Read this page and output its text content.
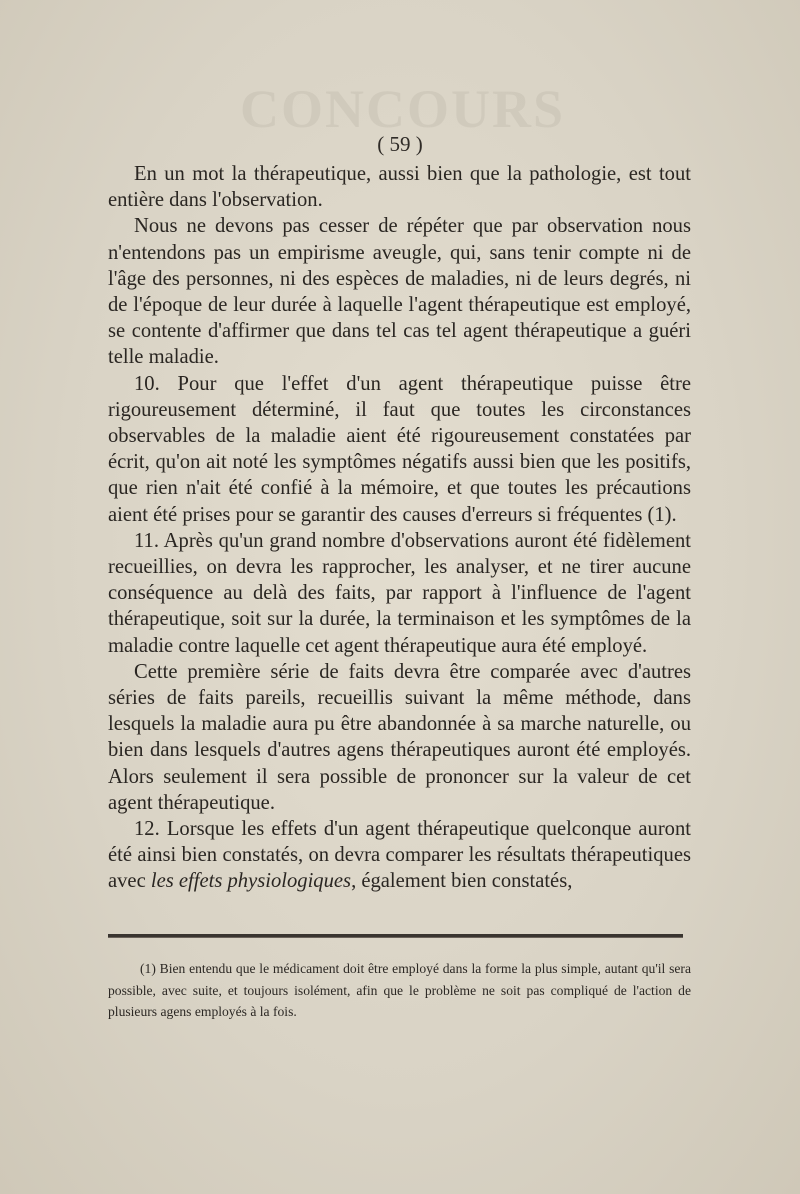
CONCOURS
( 59 )

En un mot la thérapeutique, aussi bien que la pathologie, est tout entière dans l'observation.

Nous ne devons pas cesser de répéter que par observation nous n'entendons pas un empirisme aveugle, qui, sans tenir compte ni de l'âge des personnes, ni des espèces de maladies, ni de leurs degrés, ni de l'époque de leur durée à laquelle l'agent thérapeutique est employé, se contente d'affirmer que dans tel cas tel agent thérapeutique a guéri telle maladie.

10. Pour que l'effet d'un agent thérapeutique puisse être rigoureusement déterminé, il faut que toutes les circonstances observables de la maladie aient été rigoureusement constatées par écrit, qu'on ait noté les symptômes négatifs aussi bien que les positifs, que rien n'ait été confié à la mémoire, et que toutes les précautions aient été prises pour se garantir des causes d'erreurs si fréquentes (1).

11. Après qu'un grand nombre d'observations auront été fidèlement recueillies, on devra les rapprocher, les analyser, et ne tirer aucune conséquence au delà des faits, par rapport à l'influence de l'agent thérapeutique, soit sur la durée, la terminaison et les symptômes de la maladie contre laquelle cet agent thérapeutique aura été employé.

Cette première série de faits devra être comparée avec d'autres séries de faits pareils, recueillis suivant la même méthode, dans lesquels la maladie aura pu être abandonnée à sa marche naturelle, ou bien dans lesquels d'autres agens thérapeutiques auront été employés. Alors seulement il sera possible de prononcer sur la valeur de cet agent thérapeutique.

12. Lorsque les effets d'un agent thérapeutique quelconque auront été ainsi bien constatés, on devra comparer les résultats thérapeutiques avec les effets physiologiques, également bien constatés,

(1) Bien entendu que le médicament doit être employé dans la forme la plus simple, autant qu'il sera possible, avec suite, et toujours isolément, afin que le problème ne soit pas compliqué de l'action de plusieurs agens employés à la fois.
